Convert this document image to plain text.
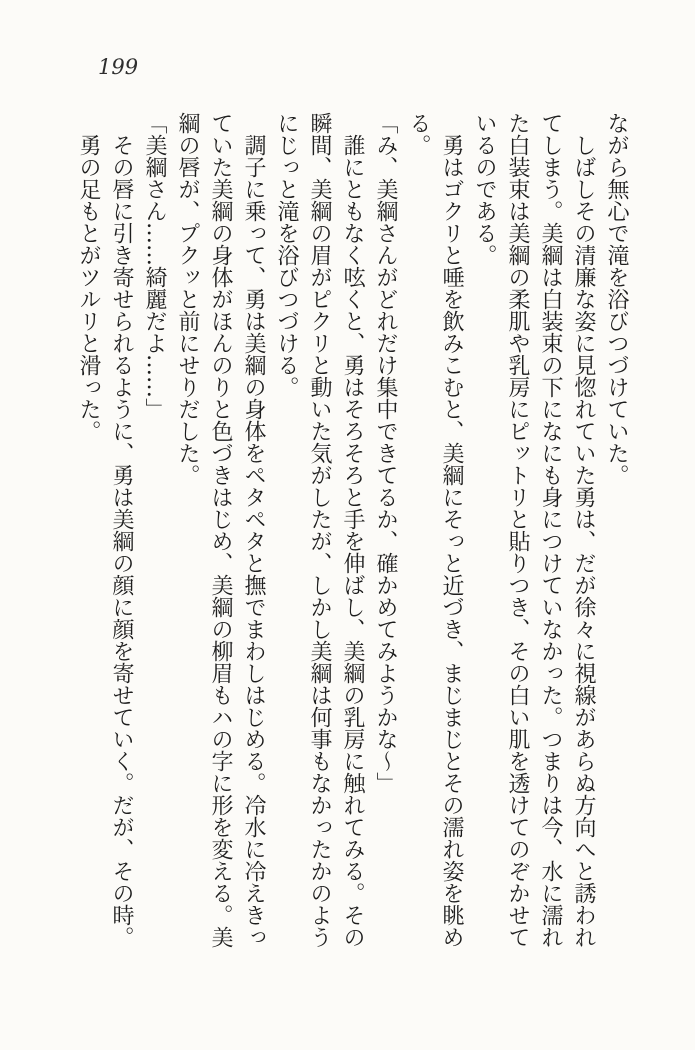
199

ながら無心で滝を浴びつづけていた。

しばしその清廉な姿に見惚れていた勇は、だが徐々に視線があらぬ方向へと誘われてしまう。美綱は白装束の下になにも身につけていなかった。つまりは今、水に濡れた白装束は美綱の柔肌や乳房にピットリと貼りつき、その白い肌を透けてのぞかせているのである。

勇はゴクリと唾を飲みこむと、美綱にそっと近づき、まじまじとその濡れ姿を眺める。

「み、美綱さんがどれだけ集中できてるか、確かめてみようかな〜」

誰にともなく呟くと、勇はそろそろと手を伸ばし、美綱の乳房に触れてみる。その瞬間、美綱の眉がピクリと動いた気がしたが、しかし美綱は何事もなかったかのようにじっと滝を浴びつづける。

調子に乗って、勇は美綱の身体をペタペタと撫でまわしはじめる。冷水に冷えきっていた美綱の身体がほんのりと色づきはじめ、美綱の柳眉もハの字に形を変える。美綱の唇が、プクッと前にせりだした。

「美綱さん……綺麗だよ……」

その唇に引き寄せられるように、勇は美綱の顔に顔を寄せていく。だが、その時。

勇の足もとがツルリと滑った。
